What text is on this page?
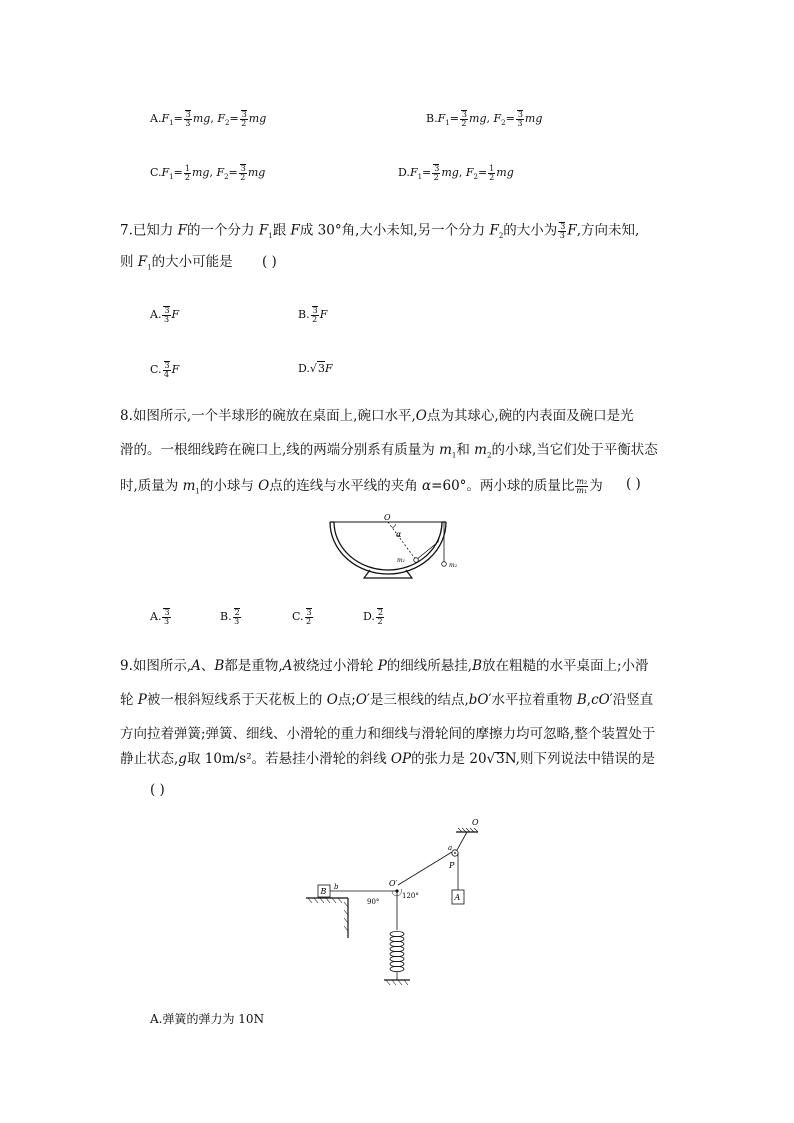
$A.F_1= \frac{3}{3}$ mg, $F_2= \frac{3}{2}$ mg	$B.F_1= \frac{3}{2}$ mg, $F_2= \frac{3}{3}$ mg
$C.F_1= \frac{1}{2}$ mg, $F_2= \frac{3}{2}$ mg	$D.F_1= \frac{3}{2}$ mg, $F_2= \frac{1}{2}$ mg
7.已知力 F的一个分力 $F_1$跟 F成 30°角,大小未知,另一个分力 $F_2$的大小为 $\frac{3}{3} F$,方向未知,
则 $F_1$的大小可能是 ( )
A. $\frac{3}{3}$ F	B. $\frac{3}{2}$ F
C. $\frac{3}{4}$ F	D.√3F
8.如图所示,一个半球形的碗放在桌面上,碗口水平,O点为其球心,碗的内表面及碗口是光
滑的。一根细线跨在碗口上,线的两端分别系有质量为 $m_1$和 $m_2$的小球,当它们处于平衡状态
时,质量为 $m_1$的小球与 O点的连线与水平线的夹角 α=60°。两小球的质量比 $\frac{\text{m₂}}{\text{m₁}}$ 为 ( )
O
α
m₁
m₂
A. $\frac{3}{3}$	B. $\frac{2}{3}$	C. $\frac{3}{2}$	D. $\frac{2}{2}$
9.如图所示,A、B都是重物,A被绕过小滑轮 P的细线所悬挂,B放在粗糙的水平桌面上;小滑
轮 P被一根斜短线系于天花板上的 O点;O′是三根线的结点,bO′水平拉着重物 B,cO′沿竖直
方向拉着弹簧;弹簧、细线、小滑轮的重力和细线与滑轮间的摩擦力均可忽略,整个装置处于
静止状态,g取 10m/s²。若悬挂小滑轮的斜线 OP的张力是 20√3N,则下列说法中错误的是
( )
O
a
P
A
B b	O′
90°
120°
A.弹簧的弹力为 10N
